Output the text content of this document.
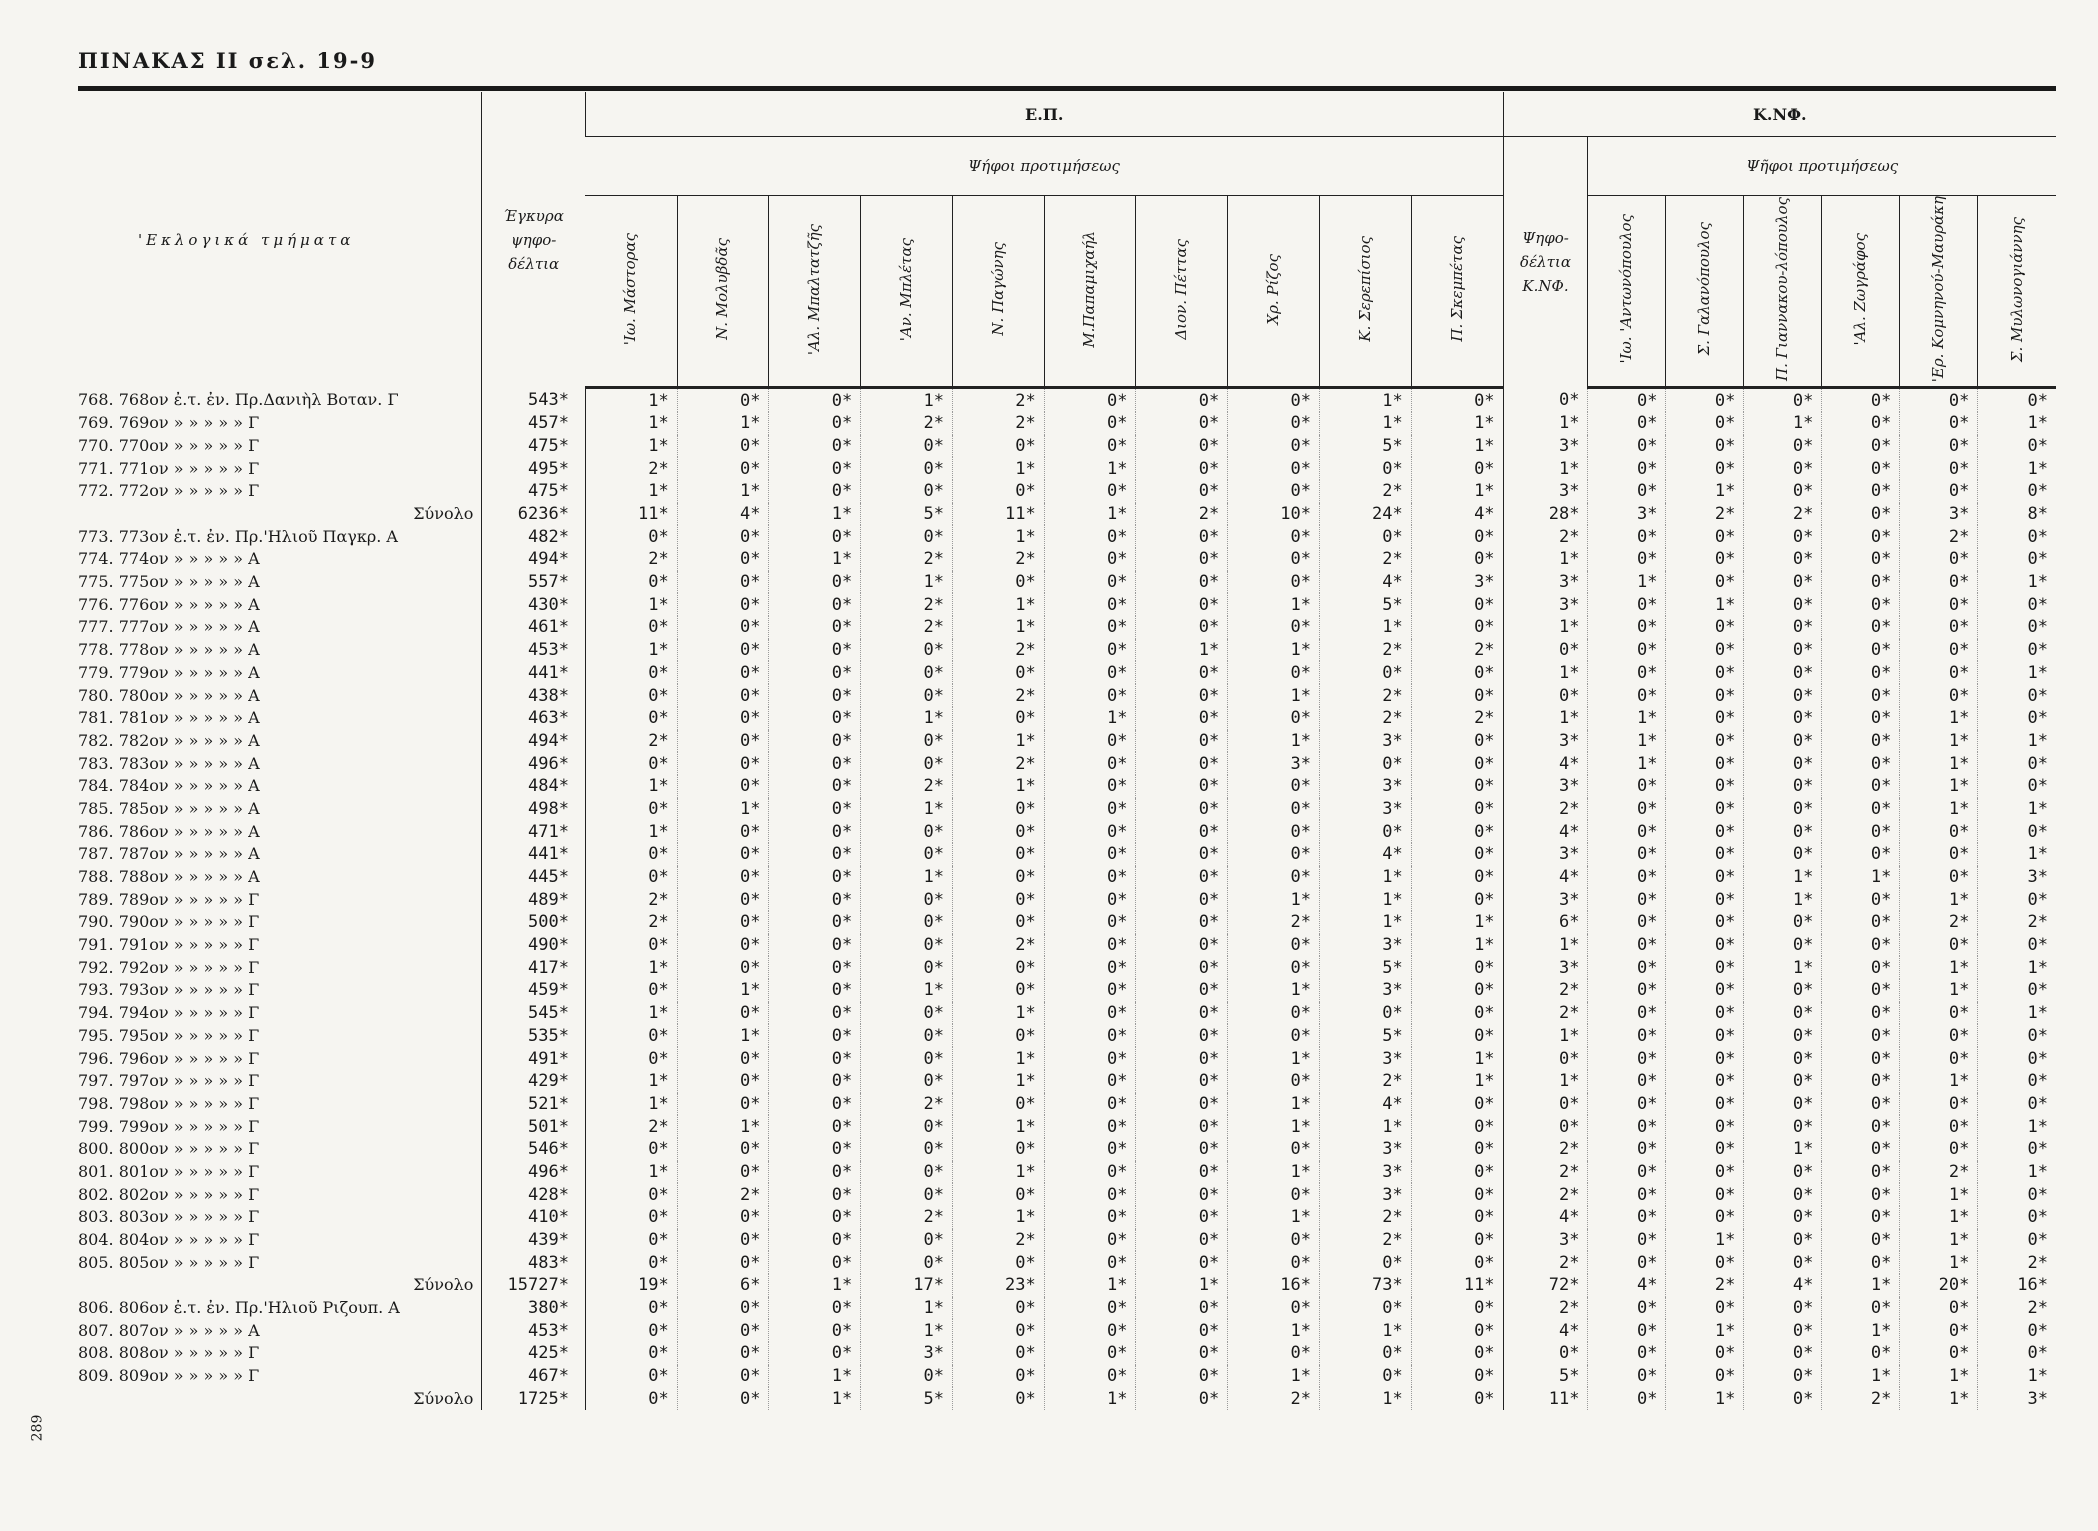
ΠΙΝΑΚΑΣ ΙΙ σελ. 19-9
'Εκλογικά τμήματα	Έγκυρα
ψηφο-
δέλτια	Ε.Π.										Κ.ΝΦ.						
		Ψήφοι προτιμήσεως										Ψηφο-
δέλτια
Κ.ΝΦ.	Ψῆφοι προτιμήσεως					
		'Ιω. Μάστορας	Ν. Μολυβδᾶς	'Αλ. Μπαλτατζῆς	'Αν. Μπλέτας	Ν. Παγώνης	Μ.Παπαμιχαήλ	Διον. Πέττας	Χρ. Ρίζος	Κ. Σερεπίσιος	Π. Σκεμπέτας		'Ιω. 'Αντωνόπουλος	Σ. Γαλανόπουλος	Π. Γιαννακου-λόπουλος	'Αλ. Ζωγράφος	'Ερ. Κομνηνού-Μαυράκη	Σ. Μυλωνογιάννης
768. 768ον ἐ.τ. ἐν. Πρ.Δανιὴλ Βοταν. Γ	543*	1*	0*	0*	1*	2*	0*	0*	0*	1*	0*	0*	0*	0*	0*	0*	0*	0*
769. 769ον » » » » » Γ	457*	1*	1*	0*	2*	2*	0*	0*	0*	1*	1*	1*	0*	0*	1*	0*	0*	1*
770. 770ον » » » » » Γ	475*	1*	0*	0*	0*	0*	0*	0*	0*	5*	1*	3*	0*	0*	0*	0*	0*	0*
771. 771ον » » » » » Γ	495*	2*	0*	0*	0*	1*	1*	0*	0*	0*	0*	1*	0*	0*	0*	0*	0*	1*
772. 772ον » » » » » Γ	475*	1*	1*	0*	0*	0*	0*	0*	0*	2*	1*	3*	0*	1*	0*	0*	0*	0*
Σύνολο	6236*	11*	4*	1*	5*	11*	1*	2*	10*	24*	4*	28*	3*	2*	2*	0*	3*	8*
773. 773ον ἐ.τ. ἐν. Πρ.'Ηλιοῦ Παγκρ. Α	482*	0*	0*	0*	0*	1*	0*	0*	0*	0*	0*	2*	0*	0*	0*	0*	2*	0*
774. 774ον » » » » » Α	494*	2*	0*	1*	2*	2*	0*	0*	0*	2*	0*	1*	0*	0*	0*	0*	0*	0*
775. 775ον » » » » » Α	557*	0*	0*	0*	1*	0*	0*	0*	0*	4*	3*	3*	1*	0*	0*	0*	0*	1*
776. 776ον » » » » » Α	430*	1*	0*	0*	2*	1*	0*	0*	1*	5*	0*	3*	0*	1*	0*	0*	0*	0*
777. 777ον » » » » » Α	461*	0*	0*	0*	2*	1*	0*	0*	0*	1*	0*	1*	0*	0*	0*	0*	0*	0*
778. 778ον » » » » » Α	453*	1*	0*	0*	0*	2*	0*	1*	1*	2*	2*	0*	0*	0*	0*	0*	0*	0*
779. 779ον » » » » » Α	441*	0*	0*	0*	0*	0*	0*	0*	0*	0*	0*	1*	0*	0*	0*	0*	0*	1*
780. 780ον » » » » » Α	438*	0*	0*	0*	0*	2*	0*	0*	1*	2*	0*	0*	0*	0*	0*	0*	0*	0*
781. 781ον » » » » » Α	463*	0*	0*	0*	1*	0*	1*	0*	0*	2*	2*	1*	1*	0*	0*	0*	1*	0*
782. 782ον » » » » » Α	494*	2*	0*	0*	0*	1*	0*	0*	1*	3*	0*	3*	1*	0*	0*	0*	1*	1*
783. 783ον » » » » » Α	496*	0*	0*	0*	0*	2*	0*	0*	3*	0*	0*	4*	1*	0*	0*	0*	1*	0*
784. 784ον » » » » » Α	484*	1*	0*	0*	2*	1*	0*	0*	0*	3*	0*	3*	0*	0*	0*	0*	1*	0*
785. 785ον » » » » » Α	498*	0*	1*	0*	1*	0*	0*	0*	0*	3*	0*	2*	0*	0*	0*	0*	1*	1*
786. 786ον » » » » » Α	471*	1*	0*	0*	0*	0*	0*	0*	0*	0*	0*	4*	0*	0*	0*	0*	0*	0*
787. 787ον » » » » » Α	441*	0*	0*	0*	0*	0*	0*	0*	0*	4*	0*	3*	0*	0*	0*	0*	0*	1*
788. 788ον » » » » » Α	445*	0*	0*	0*	1*	0*	0*	0*	0*	1*	0*	4*	0*	0*	1*	1*	0*	3*
789. 789ον » » » » » Γ	489*	2*	0*	0*	0*	0*	0*	0*	1*	1*	0*	3*	0*	0*	1*	0*	1*	0*
790. 790ον » » » » » Γ	500*	2*	0*	0*	0*	0*	0*	0*	2*	1*	1*	6*	0*	0*	0*	0*	2*	2*
791. 791ον » » » » » Γ	490*	0*	0*	0*	0*	2*	0*	0*	0*	3*	1*	1*	0*	0*	0*	0*	0*	0*
792. 792ον » » » » » Γ	417*	1*	0*	0*	0*	0*	0*	0*	0*	5*	0*	3*	0*	0*	1*	0*	1*	1*
793. 793ον » » » » » Γ	459*	0*	1*	0*	1*	0*	0*	0*	1*	3*	0*	2*	0*	0*	0*	0*	1*	0*
794. 794ον » » » » » Γ	545*	1*	0*	0*	0*	1*	0*	0*	0*	0*	0*	2*	0*	0*	0*	0*	0*	1*
795. 795ον » » » » » Γ	535*	0*	1*	0*	0*	0*	0*	0*	0*	5*	0*	1*	0*	0*	0*	0*	0*	0*
796. 796ον » » » » » Γ	491*	0*	0*	0*	0*	1*	0*	0*	1*	3*	1*	0*	0*	0*	0*	0*	0*	0*
797. 797ον » » » » » Γ	429*	1*	0*	0*	0*	1*	0*	0*	0*	2*	1*	1*	0*	0*	0*	0*	1*	0*
798. 798ον » » » » » Γ	521*	1*	0*	0*	2*	0*	0*	0*	1*	4*	0*	0*	0*	0*	0*	0*	0*	0*
799. 799ον » » » » » Γ	501*	2*	1*	0*	0*	1*	0*	0*	1*	1*	0*	0*	0*	0*	0*	0*	0*	1*
800. 800ον » » » » » Γ	546*	0*	0*	0*	0*	0*	0*	0*	0*	3*	0*	2*	0*	0*	1*	0*	0*	0*
801. 801ον » » » » » Γ	496*	1*	0*	0*	0*	1*	0*	0*	1*	3*	0*	2*	0*	0*	0*	0*	2*	1*
802. 802ον » » » » » Γ	428*	0*	2*	0*	0*	0*	0*	0*	0*	3*	0*	2*	0*	0*	0*	0*	1*	0*
803. 803ον » » » » » Γ	410*	0*	0*	0*	2*	1*	0*	0*	1*	2*	0*	4*	0*	0*	0*	0*	1*	0*
804. 804ον » » » » » Γ	439*	0*	0*	0*	0*	2*	0*	0*	0*	2*	0*	3*	0*	1*	0*	0*	1*	0*
805. 805ον » » » » » Γ	483*	0*	0*	0*	0*	0*	0*	0*	0*	0*	0*	2*	0*	0*	0*	0*	1*	2*
Σύνολο	15727*	19*	6*	1*	17*	23*	1*	1*	16*	73*	11*	72*	4*	2*	4*	1*	20*	16*
806. 806ον ἐ.τ. ἐν. Πρ.'Ηλιοῦ Ριζουπ. Α	380*	0*	0*	0*	1*	0*	0*	0*	0*	0*	0*	2*	0*	0*	0*	0*	0*	2*
807. 807ον » » » » » Α	453*	0*	0*	0*	1*	0*	0*	0*	1*	1*	0*	4*	0*	1*	0*	1*	0*	0*
808. 808ον » » » » » Γ	425*	0*	0*	0*	3*	0*	0*	0*	0*	0*	0*	0*	0*	0*	0*	0*	0*	0*
809. 809ον » » » » » Γ	467*	0*	0*	1*	0*	0*	0*	0*	1*	0*	0*	5*	0*	0*	0*	1*	1*	1*
Σύνολο	1725*	0*	0*	1*	5*	0*	1*	0*	2*	1*	0*	11*	0*	1*	0*	2*	1*	3*
289
